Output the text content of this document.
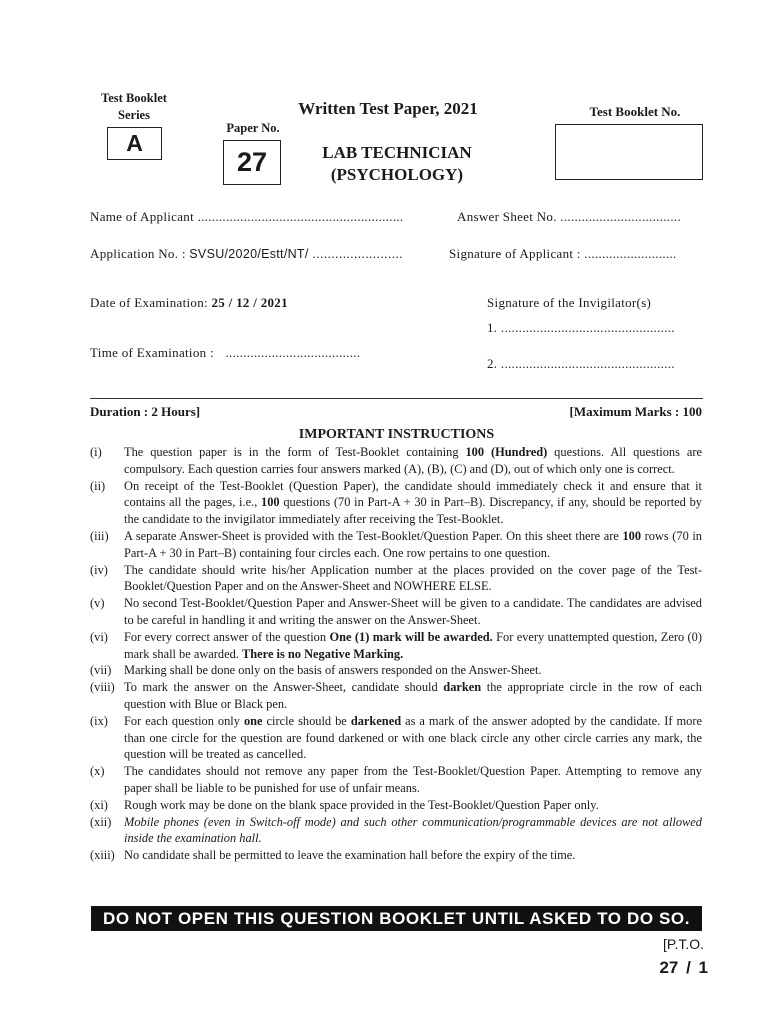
Test Booklet
Series
A
Written Test Paper, 2021
Paper No.
27	LAB TECHNICIAN
(PSYCHOLOGY)
Test Booklet No.
Name of Applicant ..........................................................	Answer Sheet No. ..................................
Application No. : SVSU/2020/Estt/NT/ ........................	Signature of Applicant : ..........................
Date of Examination: 25 / 12 / 2021	Signature of the Invigilator(s)
1. .................................................
Time of Examination : ......................................
2. .................................................
Duration : 2 Hours]	[Maximum Marks : 100
IMPORTANT INSTRUCTIONS
(i) The question paper is in the form of Test-Booklet containing 100 (Hundred) questions. All questions are compulsory. Each question carries four answers marked (A), (B), (C) and (D), out of which only one is correct.
(ii) On receipt of the Test-Booklet (Question Paper), the candidate should immediately check it and ensure that it contains all the pages, i.e., 100 questions (70 in Part-A + 30 in Part–B). Discrepancy, if any, should be reported by the candidate to the invigilator immediately after receiving the Test-Booklet.
(iii) A separate Answer-Sheet is provided with the Test-Booklet/Question Paper. On this sheet there are 100 rows (70 in Part-A + 30 in Part–B) containing four circles each. One row pertains to one question.
(iv) The candidate should write his/her Application number at the places provided on the cover page of the Test-Booklet/Question Paper and on the Answer-Sheet and NOWHERE ELSE.
(v) No second Test-Booklet/Question Paper and Answer-Sheet will be given to a candidate. The candidates are advised to be careful in handling it and writing the answer on the Answer-Sheet.
(vi) For every correct answer of the question One (1) mark will be awarded. For every unattempted question, Zero (0) mark shall be awarded. There is no Negative Marking.
(vii) Marking shall be done only on the basis of answers responded on the Answer-Sheet.
(viii) To mark the answer on the Answer-Sheet, candidate should darken the appropriate circle in the row of each question with Blue or Black pen.
(ix) For each question only one circle should be darkened as a mark of the answer adopted by the candidate. If more than one circle for the question are found darkened or with one black circle any other circle carries any mark, the question will be treated as cancelled.
(x) The candidates should not remove any paper from the Test-Booklet/Question Paper. Attempting to remove any paper shall be liable to be punished for use of unfair means.
(xi) Rough work may be done on the blank space provided in the Test-Booklet/Question Paper only.
(xii) Mobile phones (even in Switch-off mode) and such other communication/programmable devices are not allowed inside the examination hall.
(xiii) No candidate shall be permitted to leave the examination hall before the expiry of the time.
DO NOT OPEN THIS QUESTION BOOKLET UNTIL ASKED TO DO SO.
[P.T.O.
27 / 1
